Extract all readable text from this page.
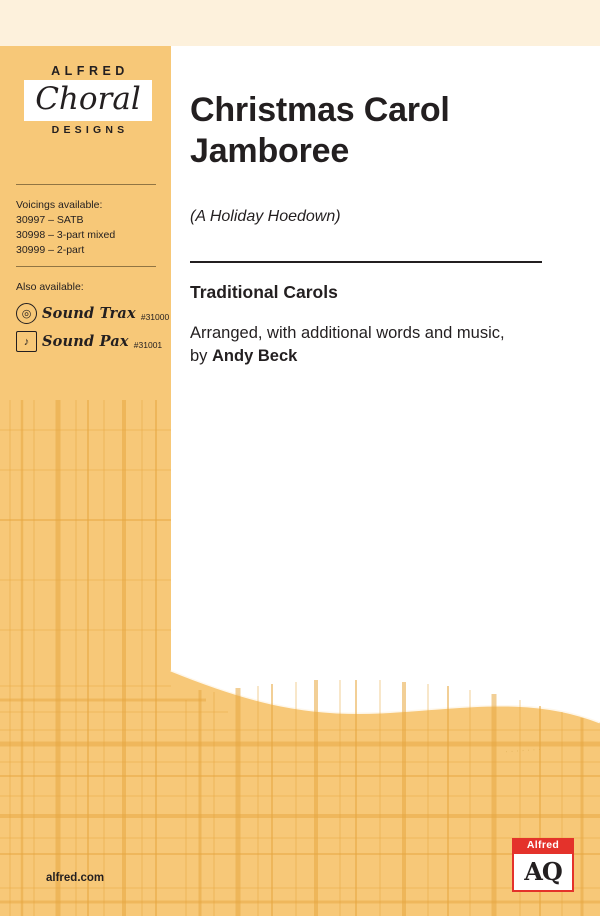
ALFRED
Choral
DESIGNS
Voicings available:
30997 – SATB
30998 – 3-part mixed
30999 – 2-part
Also available:
◎ Sound Trax #31000
♪ Sound Pax #31001
Christmas Carol Jamboree
(A Holiday Hoedown)
Traditional Carols
Arranged, with additional words and music, by Andy Beck
· · · · · · ·
alfred.com
Alfred
AQ
